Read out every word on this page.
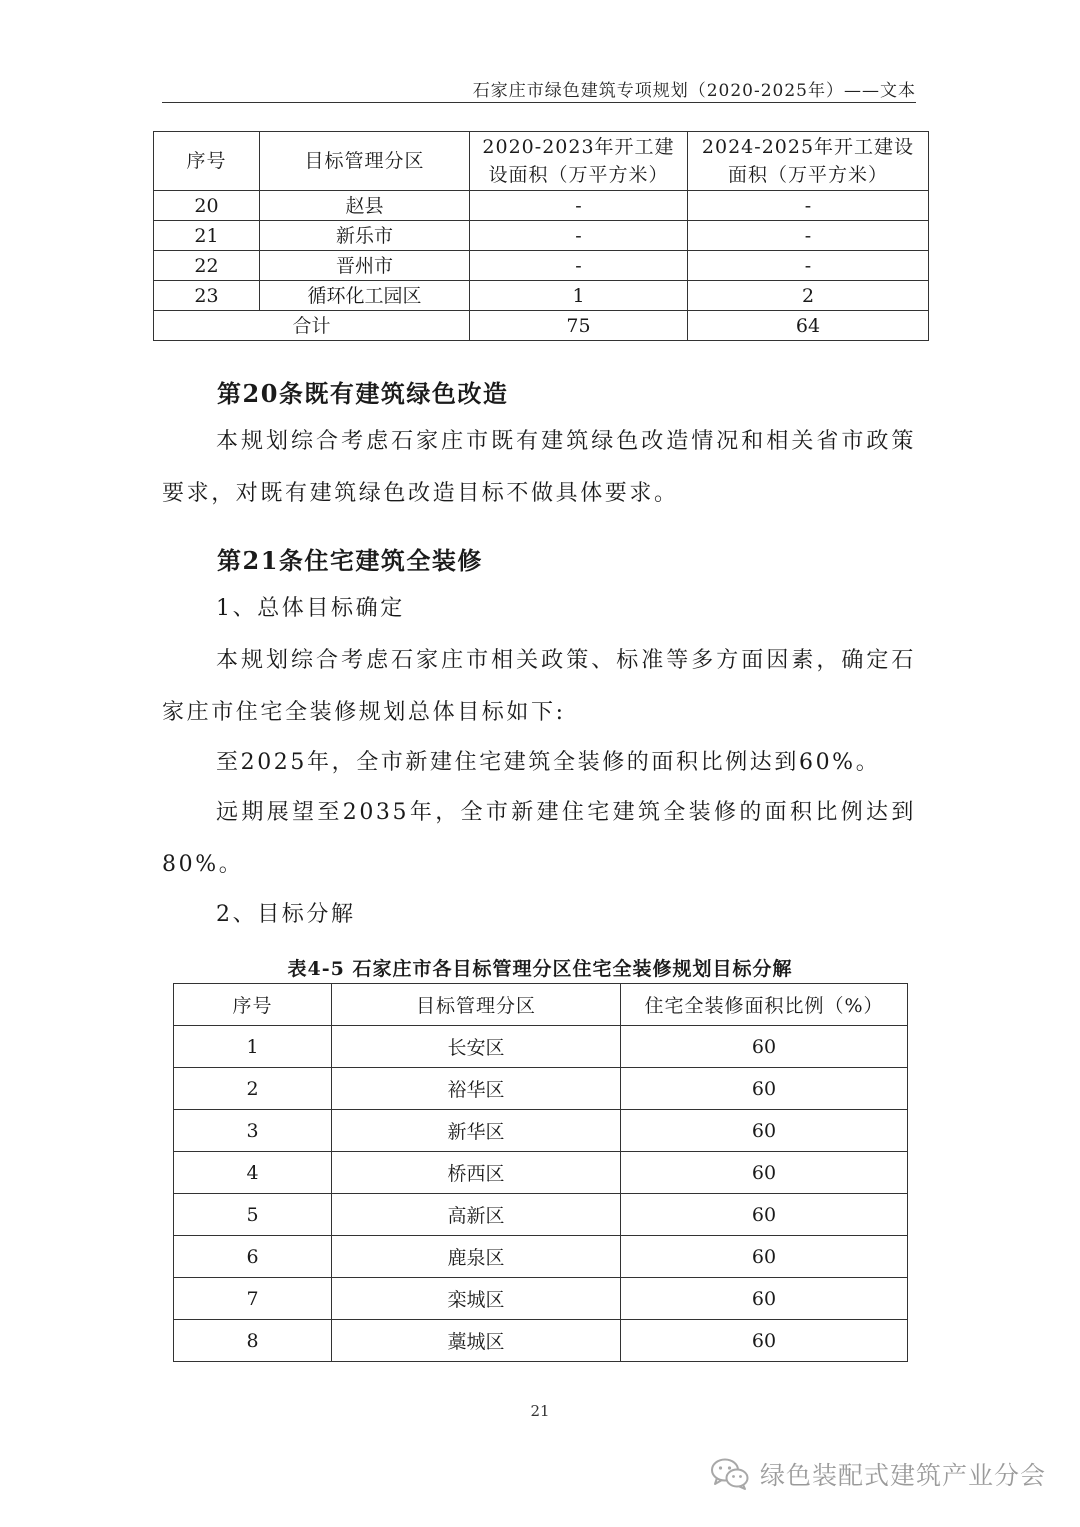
石家庄市绿色建筑专项规划（2020-2025年）——文本
序号	目标管理分区	2020-2023年开工建设面积（万平方米）	2024-2025年开工建设面积（万平方米）
20	赵县	-	-
21	新乐市	-	-
22	晋州市	-	-
23	循环化工园区	1	2
合计		75	64
第20条既有建筑绿色改造
本规划综合考虑石家庄市既有建筑绿色改造情况和相关省市政策要求，对既有建筑绿色改造目标不做具体要求。
第21条住宅建筑全装修
1、总体目标确定
本规划综合考虑石家庄市相关政策、标准等多方面因素，确定石家庄市住宅全装修规划总体目标如下:
至2025年，全市新建住宅建筑全装修的面积比例达到60%。
远期展望至2035年，全市新建住宅建筑全装修的面积比例达到80%。
2、目标分解
表4-5 石家庄市各目标管理分区住宅全装修规划目标分解
序号	目标管理分区	住宅全装修面积比例（%）
1	长安区	60
2	裕华区	60
3	新华区	60
4	桥西区	60
5	高新区	60
6	鹿泉区	60
7	栾城区	60
8	藁城区	60
21
绿色装配式建筑产业分会
